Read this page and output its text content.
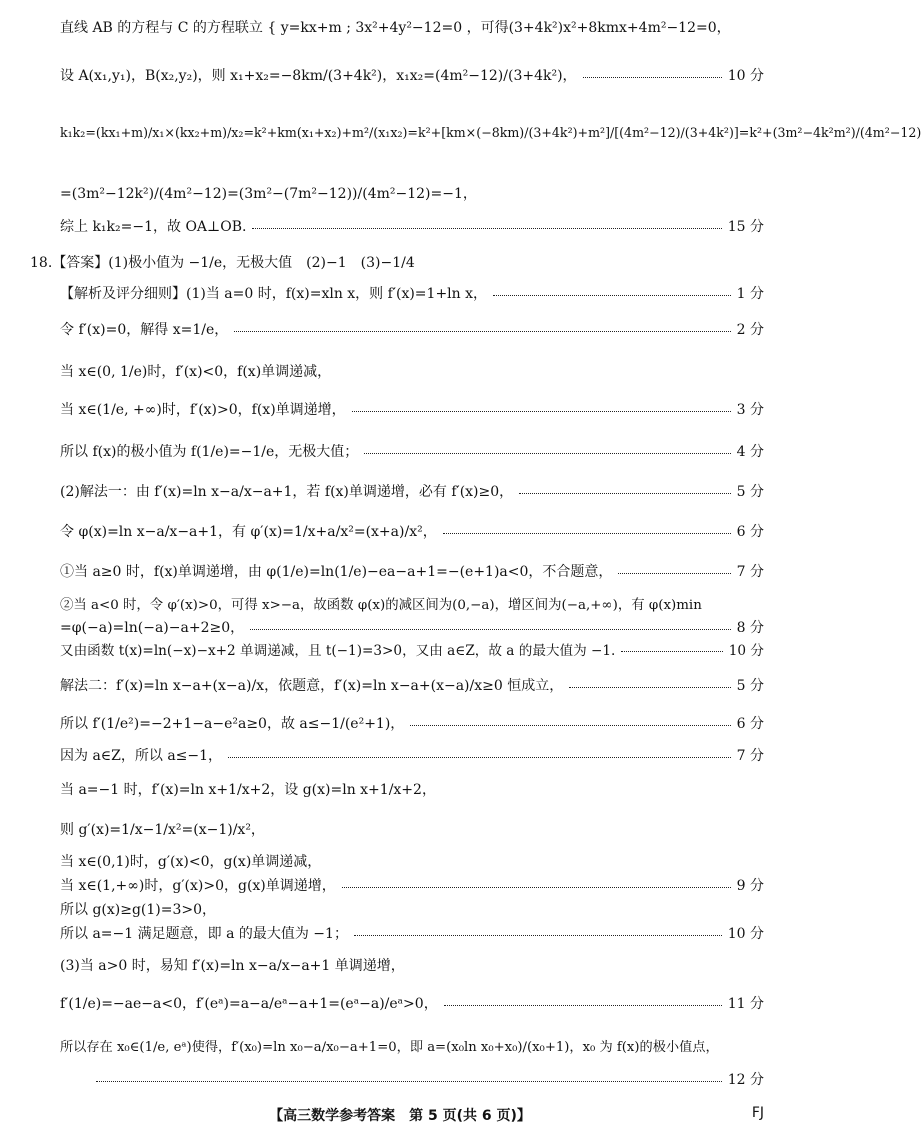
直线 AB 的方程与 C 的方程联立 { y=kx+m ; 3x²+4y²−12=0 ，可得(3+4k²)x²+8kmx+4m²−12=0，
设 A(x₁,y₁)，B(x₂,y₂)，则 x₁+x₂=−8km/(3+4k²)，x₁x₂=(4m²−12)/(3+4k²)，	10 分
k₁k₂=(kx₁+m)/x₁×(kx₂+m)/x₂=k²+km(x₁+x₂)+m²/(x₁x₂)=k²+[km×(−8km)/(3+4k²)+m²]/[(4m²−12)/(3+4k²)]=k²+(3m²−4k²m²)/(4m²−12)
=(3m²−12k²)/(4m²−12)=(3m²−(7m²−12))/(4m²−12)=−1，
综上 k₁k₂=−1，故 OA⊥OB.	15 分
18.【答案】(1)极小值为 −1/e，无极大值　(2)−1　(3)−1/4
【解析及评分细则】(1)当 a=0 时，f(x)=xln x，则 f′(x)=1+ln x，	1 分
令 f′(x)=0，解得 x=1/e，	2 分
当 x∈(0, 1/e)时，f′(x)<0，f(x)单调递减，
当 x∈(1/e, +∞)时，f′(x)>0，f(x)单调递增，	3 分
所以 f(x)的极小值为 f(1/e)=−1/e，无极大值；	4 分
(2)解法一：由 f′(x)=ln x−a/x−a+1，若 f(x)单调递增，必有 f′(x)≥0，	5 分
令 φ(x)=ln x−a/x−a+1，有 φ′(x)=1/x+a/x²=(x+a)/x²，	6 分
①当 a≥0 时，f(x)单调递增，由 φ(1/e)=ln(1/e)−ea−a+1=−(e+1)a<0，不合题意，	7 分
②当 a<0 时，令 φ′(x)>0，可得 x>−a，故函数 φ(x)的减区间为(0,−a)，增区间为(−a,+∞)，有 φ(x)min
=φ(−a)=ln(−a)−a+2≥0，	8 分
又由函数 t(x)=ln(−x)−x+2 单调递减，且 t(−1)=3>0，又由 a∈Z，故 a 的最大值为 −1.	10 分
解法二：f′(x)=ln x−a+(x−a)/x，依题意，f′(x)=ln x−a+(x−a)/x≥0 恒成立，	5 分
所以 f′(1/e²)=−2+1−a−e²a≥0，故 a≤−1/(e²+1)，	6 分
因为 a∈Z，所以 a≤−1，	7 分
当 a=−1 时，f′(x)=ln x+1/x+2，设 g(x)=ln x+1/x+2，
则 g′(x)=1/x−1/x²=(x−1)/x²，
当 x∈(0,1)时，g′(x)<0，g(x)单调递减，
当 x∈(1,+∞)时，g′(x)>0，g(x)单调递增，	9 分
所以 g(x)≥g(1)=3>0，
所以 a=−1 满足题意，即 a 的最大值为 −1；	10 分
(3)当 a>0 时，易知 f′(x)=ln x−a/x−a+1 单调递增，
f′(1/e)=−ae−a<0，f′(eᵃ)=a−a/eᵃ−a+1=(eᵃ−a)/eᵃ>0，	11 分
所以存在 x₀∈(1/e, eᵃ)使得，f′(x₀)=ln x₀−a/x₀−a+1=0，即 a=(x₀ln x₀+x₀)/(x₀+1)，x₀ 为 f(x)的极小值点，
12 分
【高三数学参考答案　第 5 页(共 6 页)】	FJ
